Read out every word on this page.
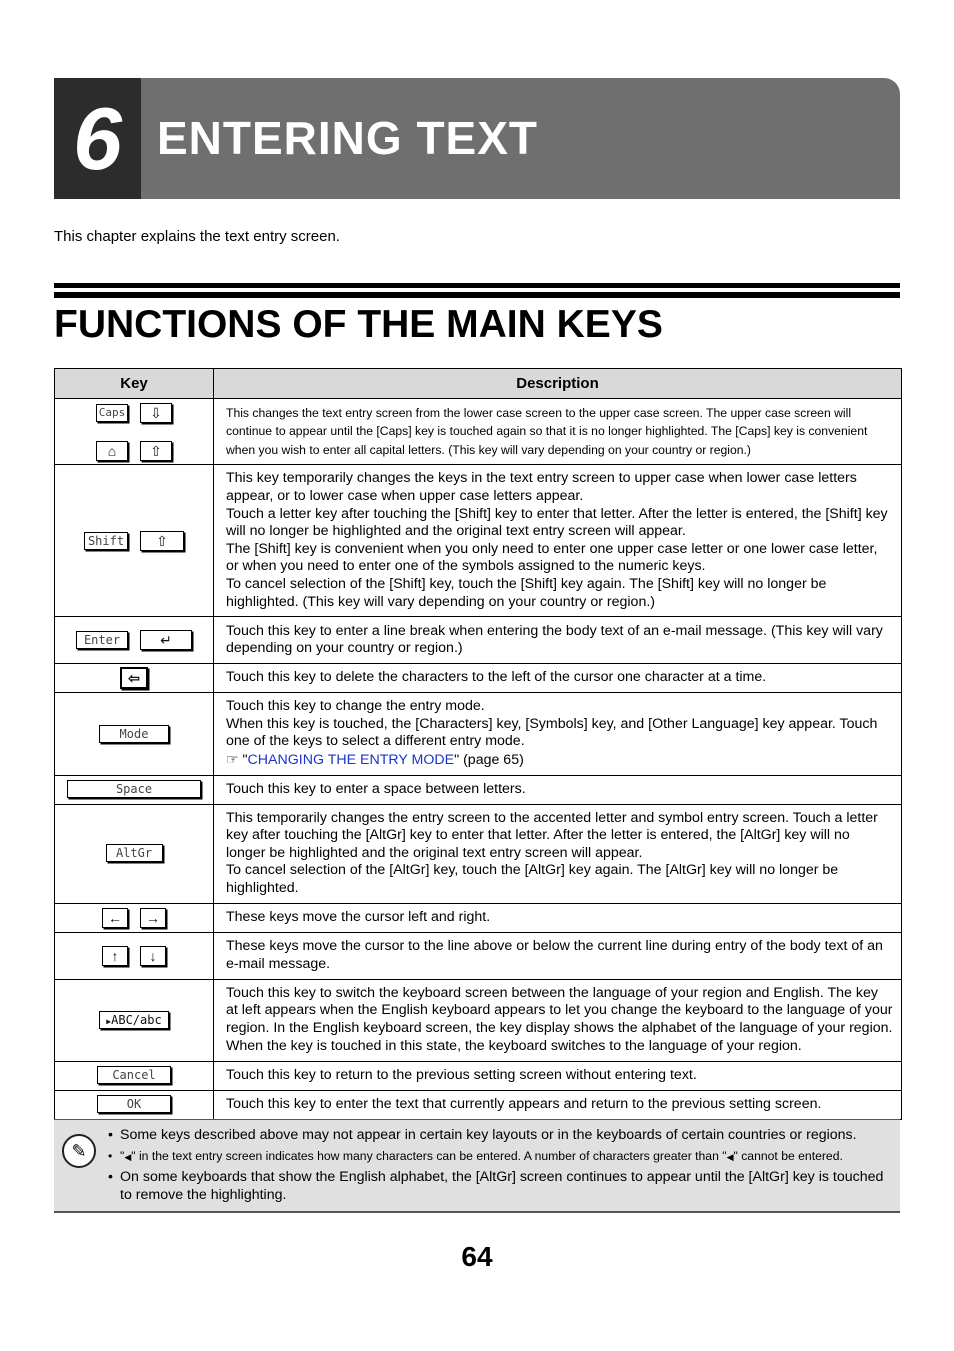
6 ENTERING TEXT
This chapter explains the text entry screen.
FUNCTIONS OF THE MAIN KEYS
Key	Description

Caps ⇩
⌂ ⇧	This changes the text entry screen from the lower case screen to the upper case screen. The upper case screen will continue to appear until the [Caps] key is touched again so that it is no longer highlighted. The [Caps] key is convenient when you wish to enter all capital letters. (This key will vary depending on your country or region.)
Shift ⇧	This key temporarily changes the keys in the text entry screen to upper case when lower case letters appear, or to lower case when upper case letters appear.
Touch a letter key after touching the [Shift] key to enter that letter. After the letter is entered, the [Shift] key will no longer be highlighted and the original text entry screen will appear.
The [Shift] key is convenient when you only need to enter one upper case letter or one lower case letter, or when you need to enter one of the symbols assigned to the numeric keys.
To cancel selection of the [Shift] key, touch the [Shift] key again. The [Shift] key will no longer be highlighted. (This key will vary depending on your country or region.)
Enter ↵	Touch this key to enter a line break when entering the body text of an e-mail message. (This key will vary depending on your country or region.)
⇦	Touch this key to delete the characters to the left of the cursor one character at a time.
Mode	Touch this key to change the entry mode.
When this key is touched, the [Characters] key, [Symbols] key, and [Other Language] key appear. Touch one of the keys to select a different entry mode.
☞ "CHANGING THE ENTRY MODE" (page 65)

Space	Touch this key to enter a space between letters.
AltGr	This temporarily changes the entry screen to the accented letter and symbol entry screen. Touch a letter key after touching the [AltGr] key to enter that letter. After the letter is entered, the [AltGr] key will no longer be highlighted and the original text entry screen will appear.
To cancel selection of the [AltGr] key, touch the [AltGr] key again. The [AltGr] key will no longer be highlighted.
← →	These keys move the cursor left and right.
↑ ↓	These keys move the cursor to the line above or below the current line during entry of the body text of an e-mail message.
▶ABC/abc	Touch this key to switch the keyboard screen between the language of your region and English. The key at left appears when the English keyboard appears to let you change the keyboard to the language of your region. In the English keyboard screen, the key display shows the alphabet of the language of your region. When the key is touched in this state, the keyboard switches to the language of your region.
Cancel	Touch this key to return to the previous setting screen without entering text.
OK	Touch this key to enter the text that currently appears and return to the previous setting screen.
✎
• Some keys described above may not appear in certain key layouts or in the keyboards of certain countries or regions.
• "◀" in the text entry screen indicates how many characters can be entered. A number of characters greater than "◀" cannot be entered.
• On some keyboards that show the English alphabet, the [AltGr] screen continues to appear until the [AltGr] key is touched to remove the highlighting.
64
